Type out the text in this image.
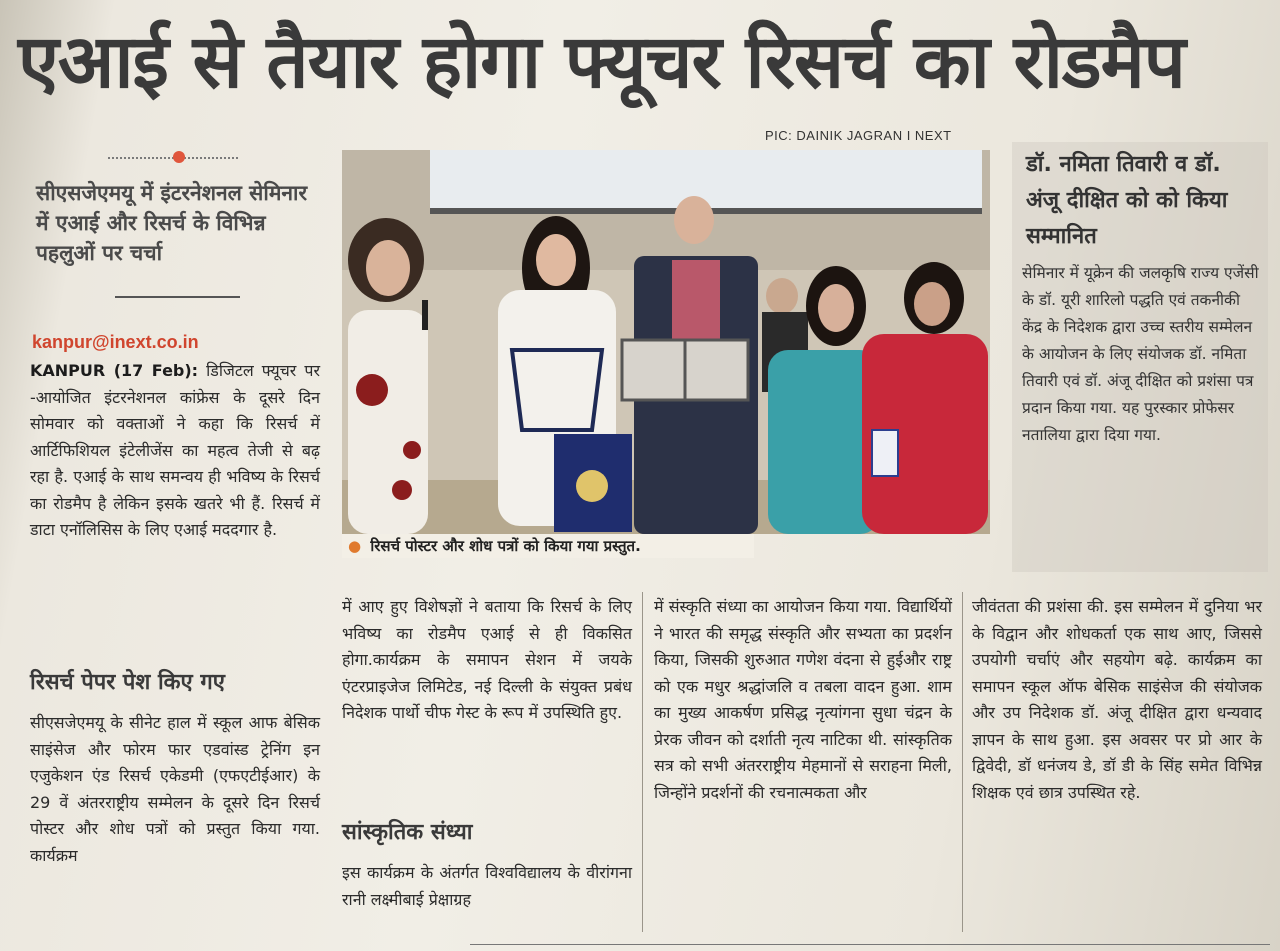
एआई से तैयार होगा फ्यूचर रिसर्च का रोडमैप
PIC: DAINIK JAGRAN I NEXT
सीएसजेएमयू में इंटरनेशनल सेमिनार में एआई और रिसर्च के विभिन्न पहलुओं पर चर्चा
kanpur@inext.co.in
KANPUR (17 Feb): डिजिटल फ्यूचर पर -आयोजित इंटरनेशनल कांफ्रेस के दूसरे दिन सोमवार को वक्ताओं ने कहा कि रिसर्च में आर्टिफिशियल इंटेलीजेंस का महत्व तेजी से बढ़ रहा है. एआई के साथ समन्वय ही भविष्य के रिसर्च का रोडमैप है लेकिन इसके खतरे भी हैं. रिसर्च में डाटा एनॉलिसिस के लिए एआई मददगार है.
रिसर्च पेपर पेश किए गए
सीएसजेएमयू के सीनेट हाल में स्कूल आफ बेसिक साइंसेज और फोरम फार एडवांस्ड ट्रेनिंग इन एजुकेशन एंड रिसर्च एकेडमी (एफएटीईआर) के 29 वें अंतरराष्ट्रीय सम्मेलन के दूसरे दिन रिसर्च पोस्टर और शोध पत्रों को प्रस्तुत किया गया. कार्यक्रम
● रिसर्च पोस्टर और शोध पत्रों को किया गया प्रस्तुत.
डॉ. नमिता तिवारी व डॉ. अंजू दीक्षित को को किया सम्मानित
सेमिनार में यूक्रेन की जलकृषि राज्य एजेंसी के डॉ. यूरी शारिलो पद्धति एवं तकनीकी केंद्र के निदेशक द्वारा उच्च स्तरीय सम्मेलन के आयोजन के लिए संयोजक डॉ. नमिता तिवारी एवं डॉ. अंजू दीक्षित को प्रशंसा पत्र प्रदान किया गया. यह पुरस्कार प्रोफेसर नतालिया द्वारा दिया गया.
में आए हुए विशेषज्ञों ने बताया कि रिसर्च के लिए भविष्य का रोडमैप एआई से ही विकसित होगा.कार्यक्रम के समापन सेशन में जयके एंटरप्राइजेज लिमिटेड, नई दिल्ली के संयुक्त प्रबंध निदेशक पार्थो चीफ गेस्ट के रूप में उपस्थिति हुए.
सांस्कृतिक संध्या
इस कार्यक्रम के अंतर्गत विश्वविद्यालय के वीरांगना रानी लक्ष्मीबाई प्रेक्षाग्रह
में संस्कृति संध्या का आयोजन किया गया. विद्यार्थियों ने भारत की समृद्ध संस्कृति और सभ्यता का प्रदर्शन किया, जिसकी शुरुआत गणेश वंदना से हुईऔर राष्ट्र को एक मधुर श्रद्धांजलि व तबला वादन हुआ. शाम का मुख्य आकर्षण प्रसिद्ध नृत्यांगना सुधा चंद्रन के प्रेरक जीवन को दर्शाती नृत्य नाटिका थी. सांस्कृतिक सत्र को सभी अंतरराष्ट्रीय मेहमानों से सराहना मिली, जिन्होंने प्रदर्शनों की रचनात्मकता और
जीवंतता की प्रशंसा की. इस सम्मेलन में दुनिया भर के विद्वान और शोधकर्ता एक साथ आए, जिससे उपयोगी चर्चाएं और सहयोग बढ़े. कार्यक्रम का समापन स्कूल ऑफ बेसिक साइंसेज की संयोजक और उप निदेशक डॉ. अंजू दीक्षित द्वारा धन्यवाद ज्ञापन के साथ हुआ. इस अवसर पर प्रो आर के द्विवेदी, डॉ धनंजय डे, डॉ डी के सिंह समेत विभिन्न शिक्षक एवं छात्र उपस्थित रहे.
